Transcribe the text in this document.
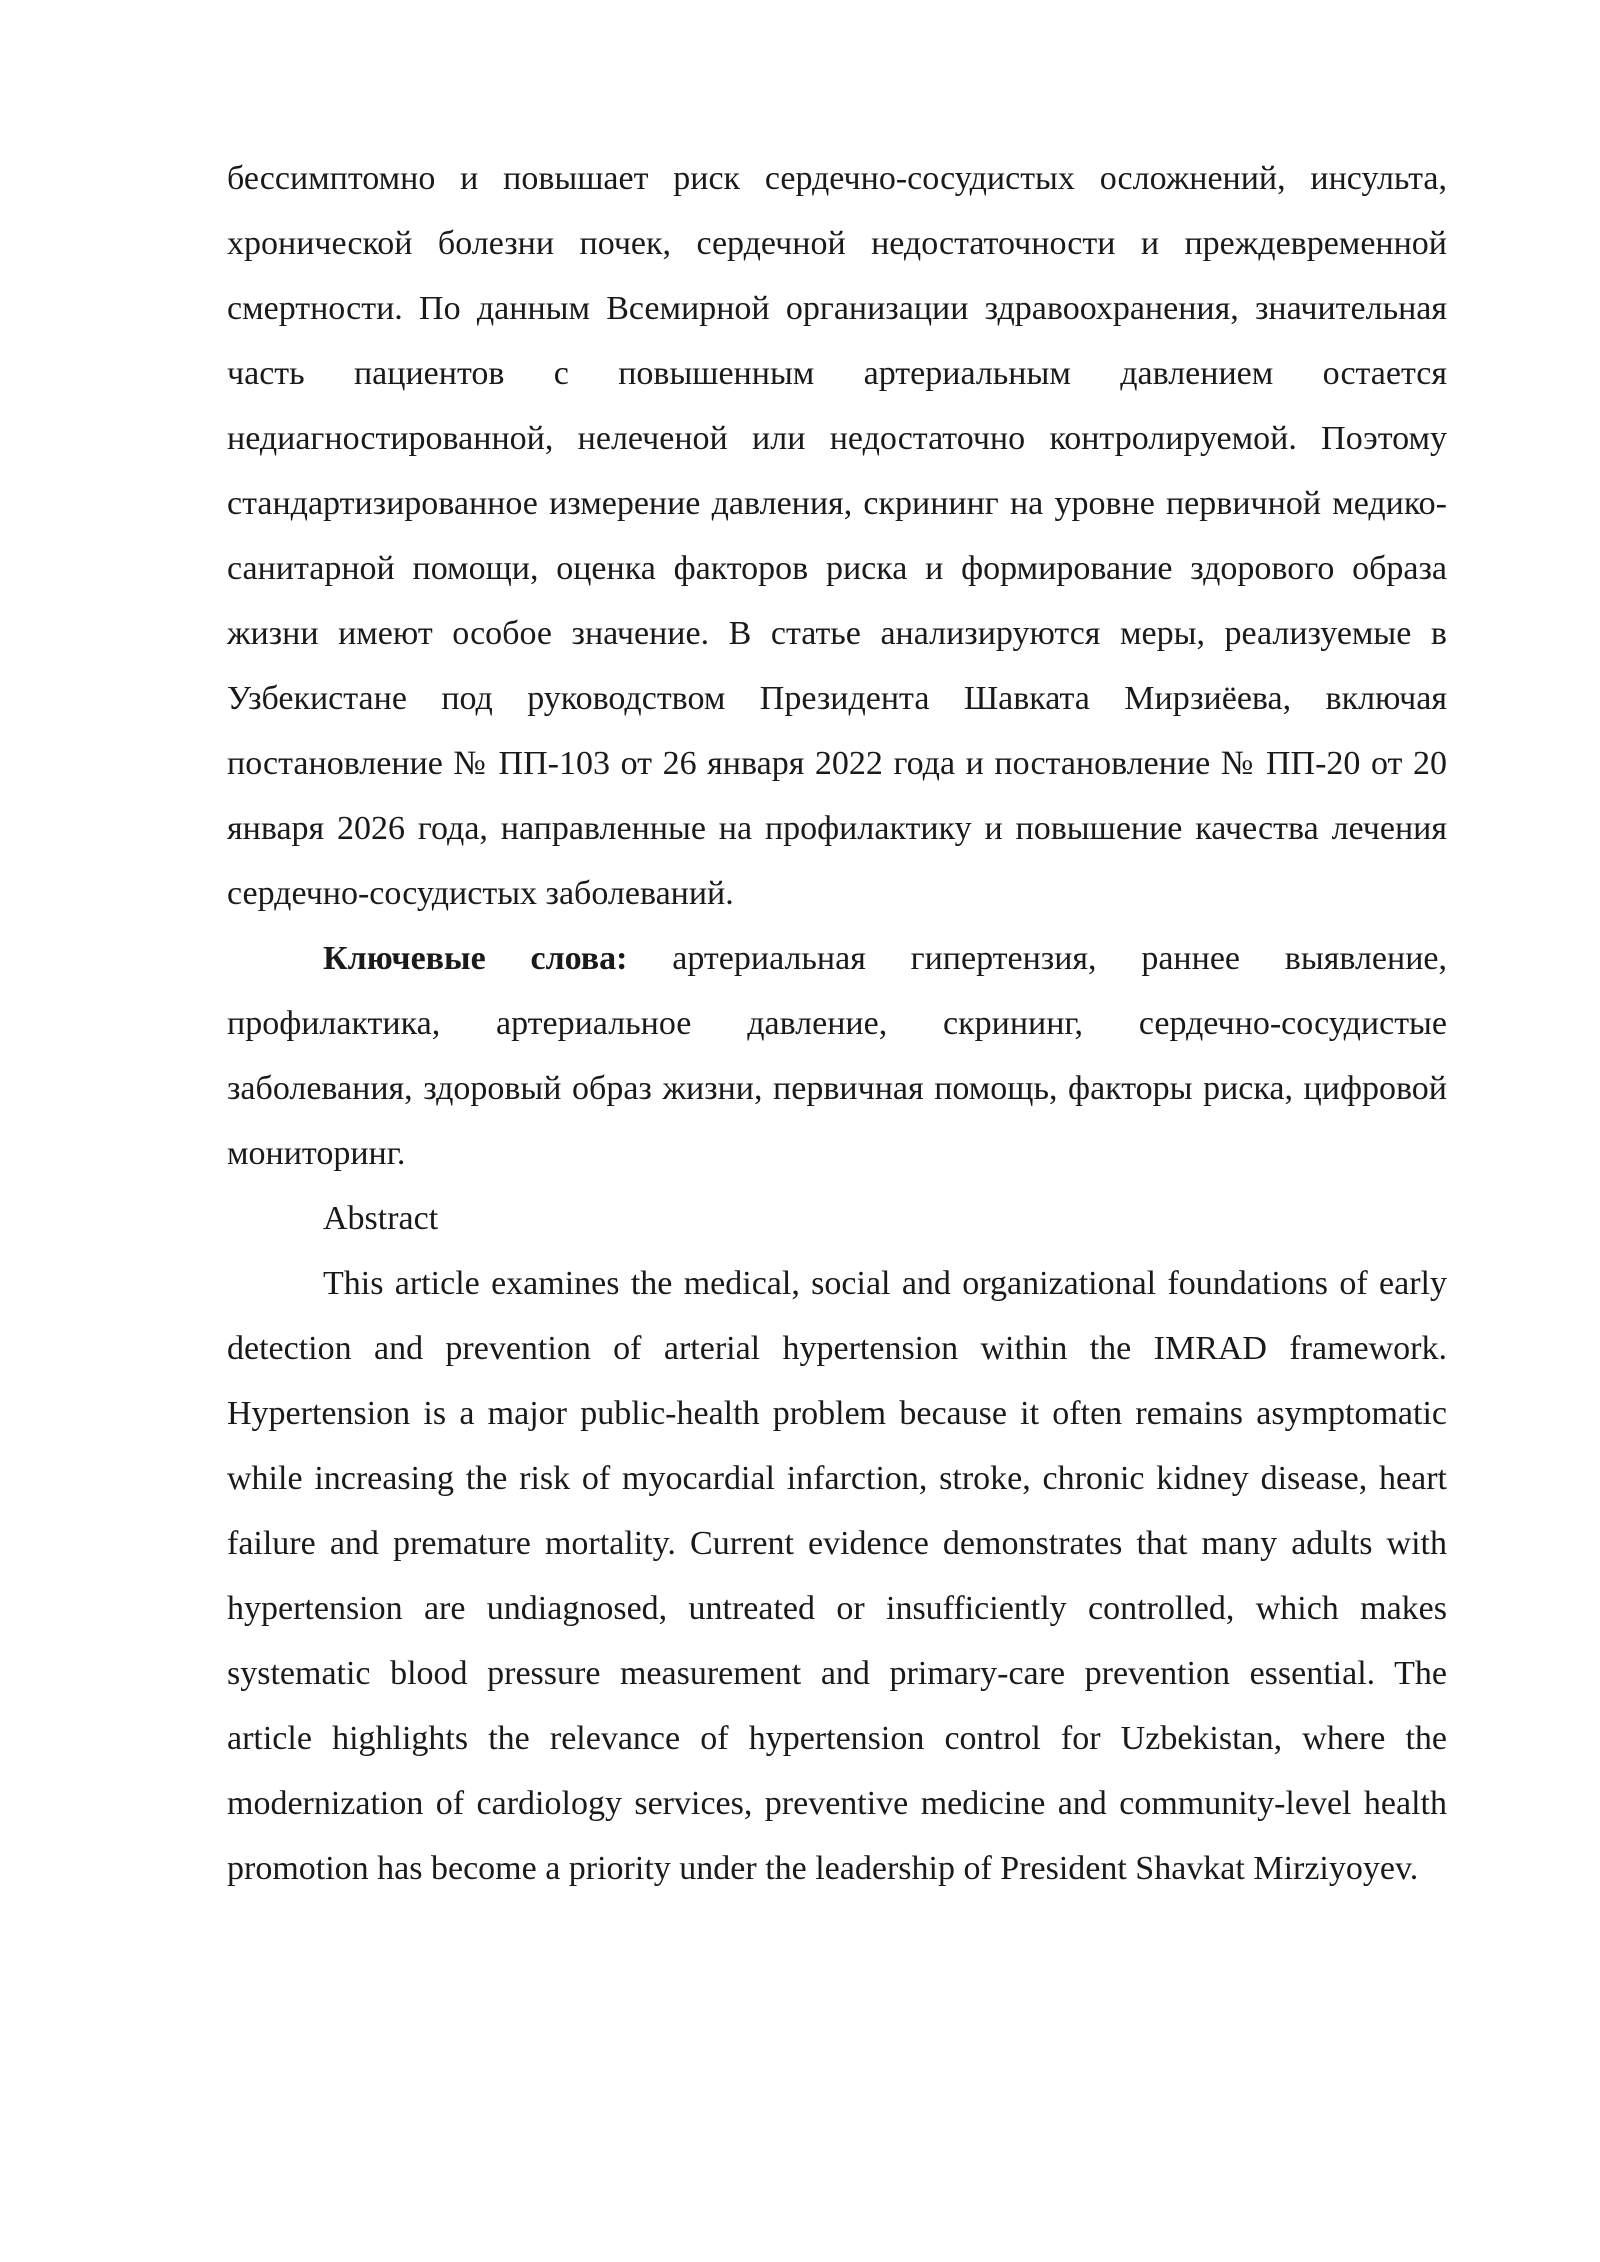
бессимптомно и повышает риск сердечно-сосудистых осложнений, инсульта, хронической болезни почек, сердечной недостаточности и преждевременной смертности. По данным Всемирной организации здравоохранения, значительная часть пациентов с повышенным артериальным давлением остается недиагностированной, нелеченой или недостаточно контролируемой. Поэтому стандартизированное измерение давления, скрининг на уровне первичной медико-санитарной помощи, оценка факторов риска и формирование здорового образа жизни имеют особое значение. В статье анализируются меры, реализуемые в Узбекистане под руководством Президента Шавката Мирзиёева, включая постановление № ПП-103 от 26 января 2022 года и постановление № ПП-20 от 20 января 2026 года, направленные на профилактику и повышение качества лечения сердечно-сосудистых заболеваний.

Ключевые слова: артериальная гипертензия, раннее выявление, профилактика, артериальное давление, скрининг, сердечно-сосудистые заболевания, здоровый образ жизни, первичная помощь, факторы риска, цифровой мониторинг.

Abstract

This article examines the medical, social and organizational foundations of early detection and prevention of arterial hypertension within the IMRAD framework. Hypertension is a major public-health problem because it often remains asymptomatic while increasing the risk of myocardial infarction, stroke, chronic kidney disease, heart failure and premature mortality. Current evidence demonstrates that many adults with hypertension are undiagnosed, untreated or insufficiently controlled, which makes systematic blood pressure measurement and primary-care prevention essential. The article highlights the relevance of hypertension control for Uzbekistan, where the modernization of cardiology services, preventive medicine and community-level health promotion has become a priority under the leadership of President Shavkat Mirziyoyev.
